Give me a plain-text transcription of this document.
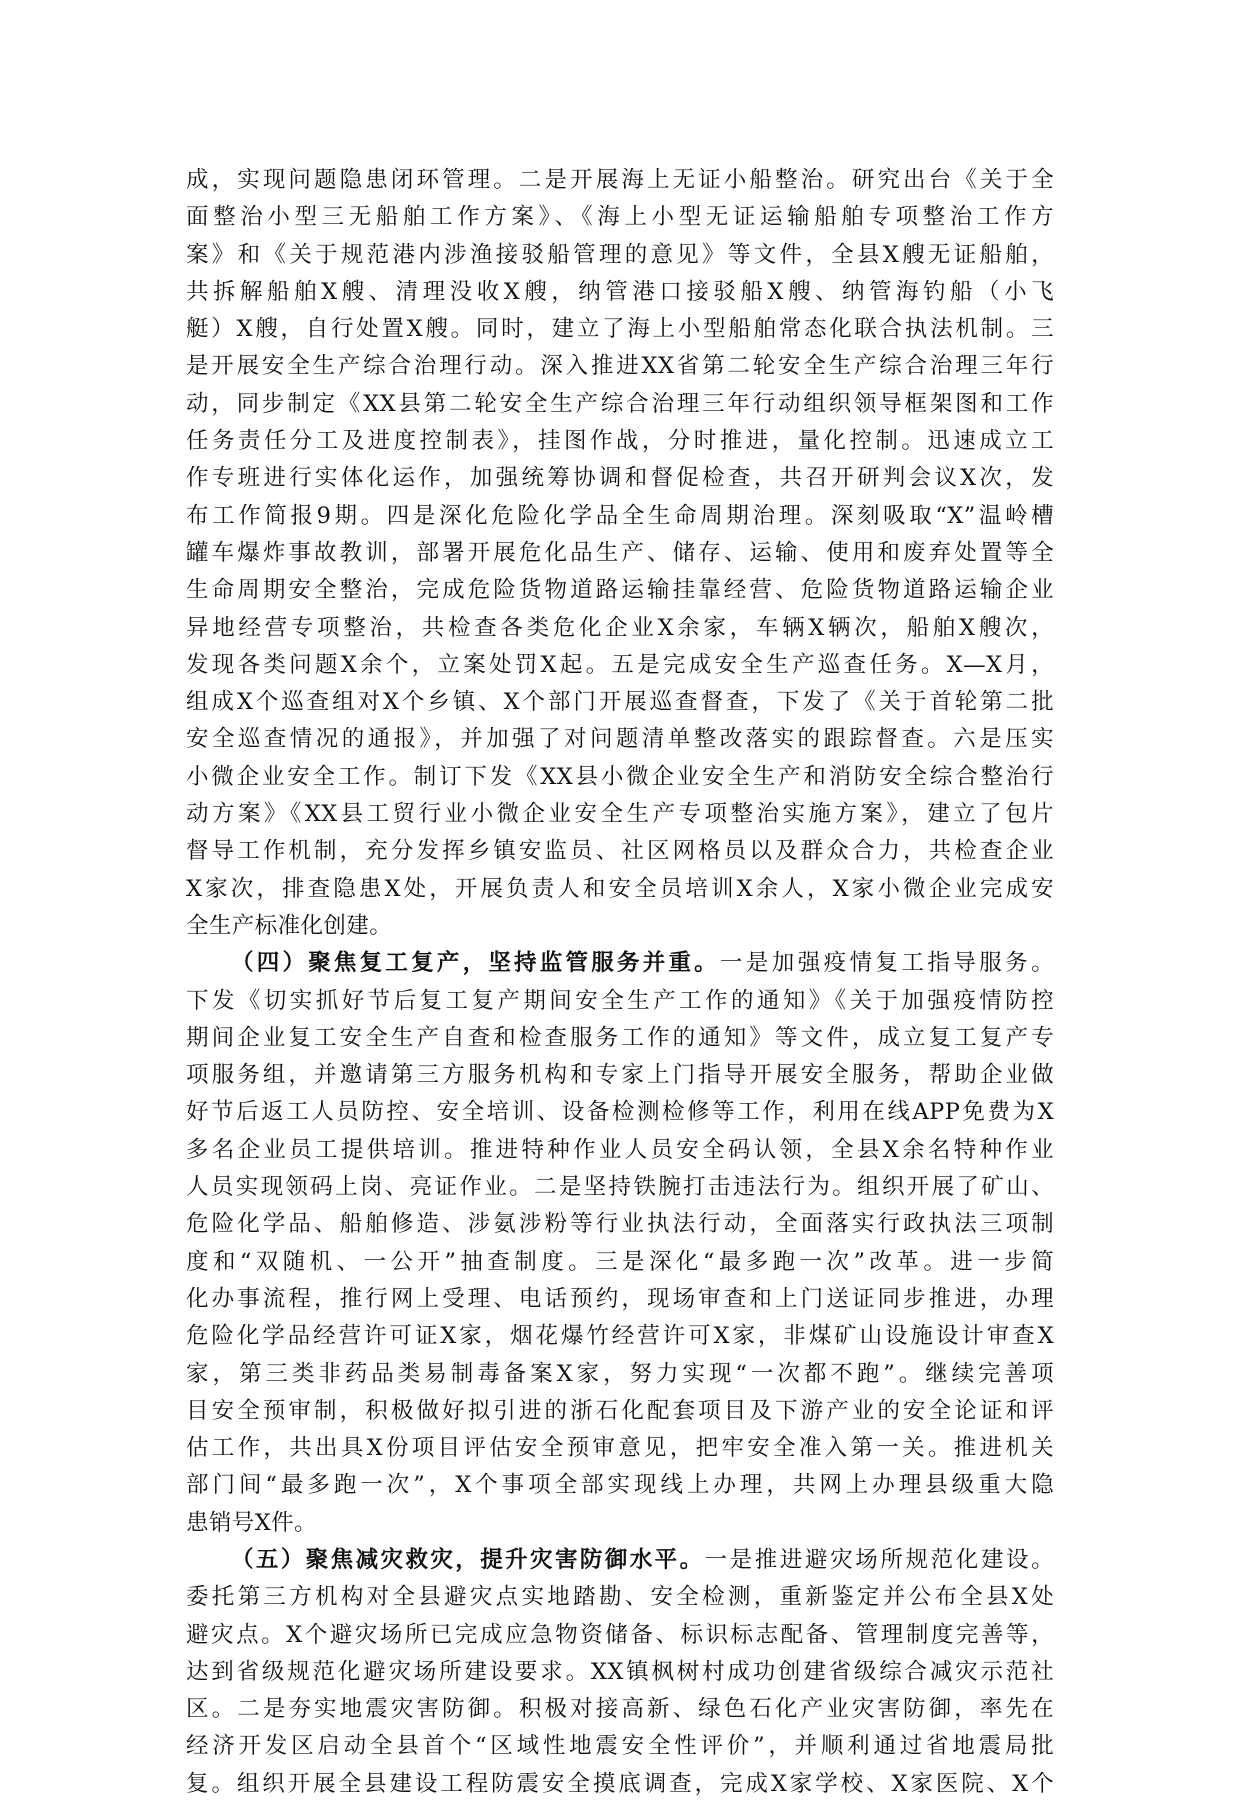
成，实现问题隐患闭环管理。二是开展海上无证小船整治。研究出台《关于全
面整治小型三无船舶工作方案》、《海上小型无证运输船舶专项整治工作方
案》和《关于规范港内涉渔接驳船管理的意见》等文件，全县X艘无证船舶，
共拆解船舶X艘、清理没收X艘，纳管港口接驳船X艘、纳管海钓船（小飞
艇）X艘，自行处置X艘。同时，建立了海上小型船舶常态化联合执法机制。三
是开展安全生产综合治理行动。深入推进XX省第二轮安全生产综合治理三年行
动，同步制定《XX县第二轮安全生产综合治理三年行动组织领导框架图和工作
任务责任分工及进度控制表》，挂图作战，分时推进，量化控制。迅速成立工
作专班进行实体化运作，加强统筹协调和督促检查，共召开研判会议X次，发
布工作简报9期。四是深化危险化学品全生命周期治理。深刻吸取“X”温岭槽
罐车爆炸事故教训，部署开展危化品生产、储存、运输、使用和废弃处置等全
生命周期安全整治，完成危险货物道路运输挂靠经营、危险货物道路运输企业
异地经营专项整治，共检查各类危化企业X余家，车辆X辆次，船舶X艘次，
发现各类问题X余个，立案处罚X起。五是完成安全生产巡查任务。X—X月，
组成X个巡查组对X个乡镇、X个部门开展巡查督查，下发了《关于首轮第二批
安全巡查情况的通报》，并加强了对问题清单整改落实的跟踪督查。六是压实
小微企业安全工作。制订下发《XX县小微企业安全生产和消防安全综合整治行
动方案》《XX县工贸行业小微企业安全生产专项整治实施方案》，建立了包片
督导工作机制，充分发挥乡镇安监员、社区网格员以及群众合力，共检查企业
X家次，排查隐患X处，开展负责人和安全员培训X余人，X家小微企业完成安
全生产标准化创建。
（四）聚焦复工复产，坚持监管服务并重。一是加强疫情复工指导服务。
下发《切实抓好节后复工复产期间安全生产工作的通知》《关于加强疫情防控
期间企业复工安全生产自查和检查服务工作的通知》等文件，成立复工复产专
项服务组，并邀请第三方服务机构和专家上门指导开展安全服务，帮助企业做
好节后返工人员防控、安全培训、设备检测检修等工作，利用在线APP免费为X
多名企业员工提供培训。推进特种作业人员安全码认领，全县X余名特种作业
人员实现领码上岗、亮证作业。二是坚持铁腕打击违法行为。组织开展了矿山、
危险化学品、船舶修造、涉氨涉粉等行业执法行动，全面落实行政执法三项制
度和“双随机、一公开”抽查制度。三是深化“最多跑一次”改革。进一步简
化办事流程，推行网上受理、电话预约，现场审查和上门送证同步推进，办理
危险化学品经营许可证X家，烟花爆竹经营许可X家，非煤矿山设施设计审查X
家，第三类非药品类易制毒备案X家，努力实现“一次都不跑”。继续完善项
目安全预审制，积极做好拟引进的浙石化配套项目及下游产业的安全论证和评
估工作，共出具X份项目评估安全预审意见，把牢安全准入第一关。推进机关
部门间“最多跑一次”，X个事项全部实现线上办理，共网上办理县级重大隐
患销号X件。
（五）聚焦减灾救灾，提升灾害防御水平。一是推进避灾场所规范化建设。
委托第三方机构对全县避灾点实地踏勘、安全检测，重新鉴定并公布全县X处
避灾点。X个避灾场所已完成应急物资储备、标识标志配备、管理制度完善等，
达到省级规范化避灾场所建设要求。XX镇枫树村成功创建省级综合减灾示范社
区。二是夯实地震灾害防御。积极对接高新、绿色石化产业灾害防御，率先在
经济开发区启动全县首个“区域性地震安全性评价”，并顺利通过省地震局批
复。组织开展全县建设工程防震安全摸底调查，完成X家学校、X家医院、X个
